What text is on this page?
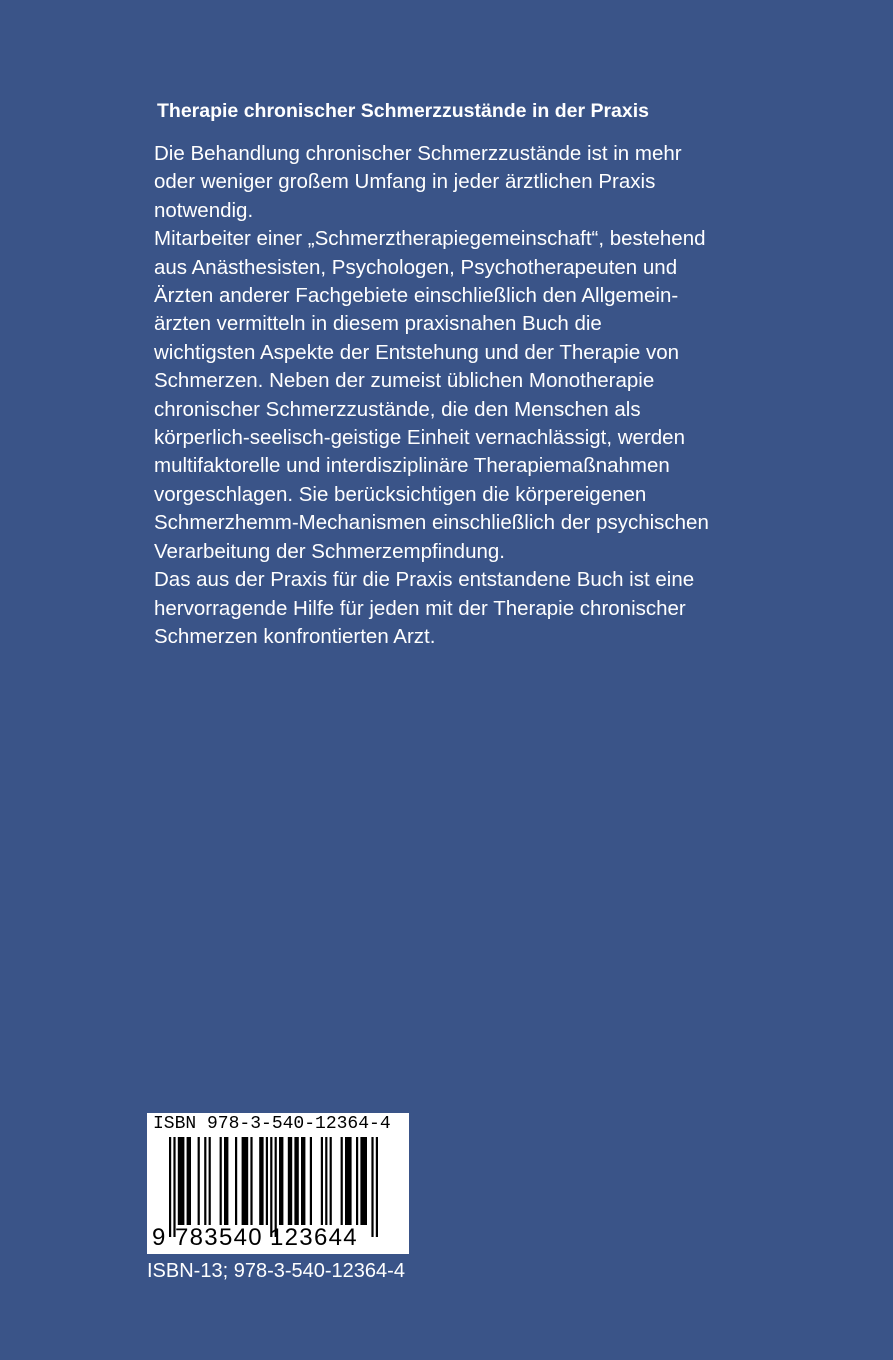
Therapie chronischer Schmerzzustände in der Praxis
Die Behandlung chronischer Schmerzzustände ist in mehr
oder weniger großem Umfang in jeder ärztlichen Praxis
notwendig.
Mitarbeiter einer „Schmerztherapiegemeinschaft“, bestehend
aus Anästhesisten, Psychologen, Psychotherapeuten und
Ärzten anderer Fachgebiete einschließlich den Allgemein-
ärzten vermitteln in diesem praxisnahen Buch die
wichtigsten Aspekte der Entstehung und der Therapie von
Schmerzen. Neben der zumeist üblichen Monotherapie
chronischer Schmerzzustände, die den Menschen als
körperlich-seelisch-geistige Einheit vernachlässigt, werden
multifaktorelle und interdisziplinäre Therapiemaßnahmen
vorgeschlagen. Sie berücksichtigen die körpereigenen
Schmerzhemm-Mechanismen einschließlich der psychischen
Verarbeitung der Schmerzempfindung.
Das aus der Praxis für die Praxis entstandene Buch ist eine
hervorragende Hilfe für jeden mit der Therapie chronischer
Schmerzen konfrontierten Arzt.
ISBN 978-3-540-12364-4
9 783540 123644
ISBN-13; 978-3-540-12364-4
